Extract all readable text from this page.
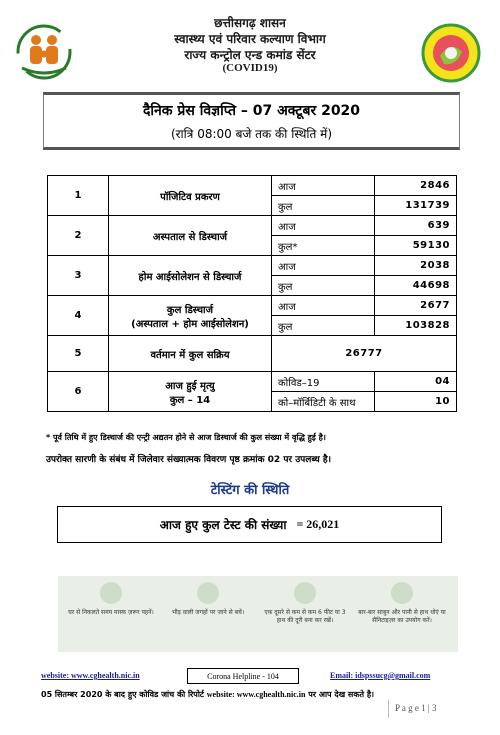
छत्तीसगढ़ शासन
स्वास्थ्य एवं परिवार कल्याण विभाग
राज्य कन्ट्रोल एन्ड कमांड सेंटर
(COVID19)
दैनिक प्रेस विज्ञप्ति – 07 अक्टूबर 2020
(रात्रि 08:00 बजे तक की स्थिति में)
1	पॉजिटिव प्रकरण	आज	2846
		कुल	131739
2	अस्पताल से डिस्चार्ज	आज	639
		कुल*	59130
3	होम आईसोलेशन से डिस्चार्ज	आज	2038
		कुल	44698
4	कुल डिस्चार्ज
(अस्पताल + होम आईसोलेशन)	आज	2677
		कुल	103828
5	वर्तमान में कुल सक्रिय	26777	
6	आज हुई मृत्यु
कुल – 14	कोविड–19	04
		को–मॉर्बिडिटी के साथ	10
* पूर्व तिथि में हुए डिस्चार्ज की एन्ट्री अद्यतन होने से आज डिस्चार्ज की कुल संख्या में वृद्धि हुई है।
उपरोक्त सारणी के संबंध में जिलेवार संख्यात्मक विवरण पृष्ठ क्रमांक 02 पर उपलब्ध है।
टेस्टिंग की स्थिति
आज हुए कुल टेस्ट की संख्या = 26,021
घर से निकलते समय मास्क ज़रूर पहनें।	भीड़ वाली जगहों पर जाने से बचें।	एक दूसरे से कम से कम 6 फीट या 3 हाथ की दूरी बना कर रखें।
बार-बार साबुन और पानी से हाथ धोएं या सैनिटाइज़र का उपयोग करें।
website: www.cghealth.nic.in	Corona Helpline - 104	Email: idspssucg@gmail.com
05 सितम्बर 2020 के बाद हुए कोविड जांच की रिपोर्ट website: www.cghealth.nic.in पर आप देख सकते है।
P a g e 1 | 3
